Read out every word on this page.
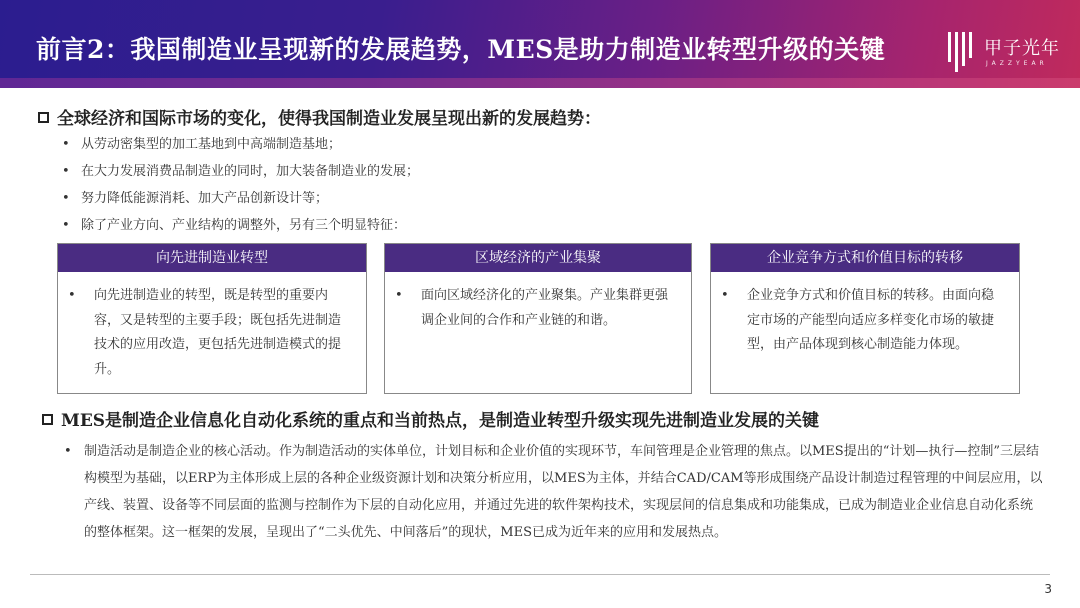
前言2：我国制造业呈现新的发展趋势，MES是助力制造业转型升级的关键	甲子光年
JAZZYEAR
全球经济和国际市场的变化，使得我国制造业发展呈现出新的发展趋势：
• 从劳动密集型的加工基地到中高端制造基地；
• 在大力发展消费品制造业的同时，加大装备制造业的发展；
• 努力降低能源消耗、加大产品创新设计等；
• 除了产业方向、产业结构的调整外，另有三个明显特征：
向先进制造业转型
• 向先进制造业的转型，既是转型的重要内容，又是转型的主要手段；既包括先进制造技术的应用改造，更包括先进制造模式的提升。
区域经济的产业集聚
• 面向区域经济化的产业聚集。产业集群更强调企业间的合作和产业链的和谐。
企业竞争方式和价值目标的转移
• 企业竞争方式和价值目标的转移。由面向稳定市场的产能型向适应多样变化市场的敏捷型，由产品体现到核心制造能力体现。
MES是制造企业信息化自动化系统的重点和当前热点，是制造业转型升级实现先进制造业发展的关键
• 制造活动是制造企业的核心活动。作为制造活动的实体单位，计划目标和企业价值的实现环节，车间管理是企业管理的焦点。以MES提出的“计划—执行—控制”三层结构模型为基础，以ERP为主体形成上层的各种企业级资源计划和决策分析应用，以MES为主体，并结合CAD/CAM等形成围绕产品设计制造过程管理的中间层应用，以产线、装置、设备等不同层面的监测与控制作为下层的自动化应用，并通过先进的软件架构技术，实现层间的信息集成和功能集成，已成为制造业企业信息自动化系统的整体框架。这一框架的发展，呈现出了“二头优先、中间落后”的现状，MES已成为近年来的应用和发展热点。
3
